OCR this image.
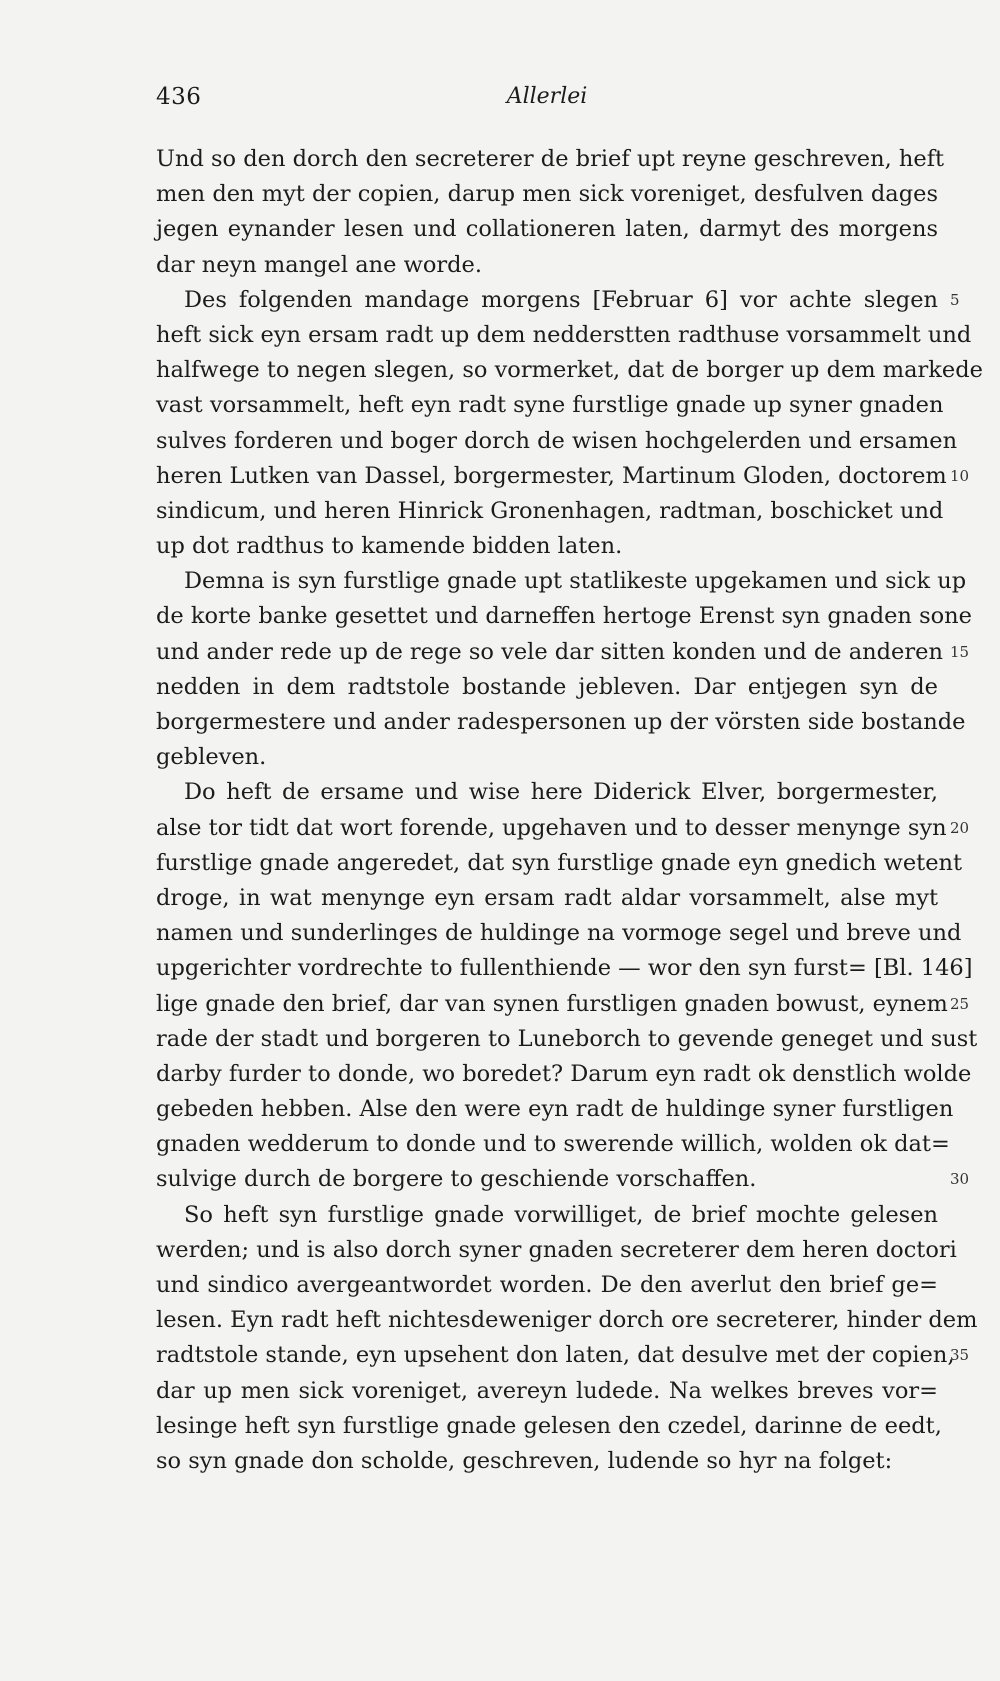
436	Allerlei
Und so den dorch den secreterer de brief upt reyne geschreven, heft
men den myt der copien, darup men sick voreniget, desfulven dages
jegen eynander lesen und collationeren laten, darmyt des morgens
dar neyn mangel ane worde.
Des folgenden mandage morgens [Februar 6] vor achte slegen 5
heft sick eyn ersam radt up dem nedderstten radthuse vorsammelt und
halfwege to negen slegen, so vormerket, dat de borger up dem markede
vast vorsammelt, heft eyn radt syne furstlige gnade up syner gnaden
sulves forderen und boger dorch de wisen hochgelerden und ersamen
heren Lutken van Dassel, borgermester, Martinum Gloden, doctorem 10
sindicum, und heren Hinrick Gronenhagen, radtman, boschicket und
up dot radthus to kamende bidden laten.
Demna is syn furstlige gnade upt statlikeste upgekamen und sick up
de korte banke gesettet und darneffen hertoge Erenst syn gnaden sone
und ander rede up de rege so vele dar sitten konden und de anderen 15
nedden in dem radtstole bostande jebleven. Dar entjegen syn de
borgermestere und ander radespersonen up der vörsten side bostande
gebleven.
Do heft de ersame und wise here Diderick Elver, borgermester,
alse tor tidt dat wort forende, upgehaven und to desser menynge syn 20
furstlige gnade angeredet, dat syn furstlige gnade eyn gnedich wetent
droge, in wat menynge eyn ersam radt aldar vorsammelt, alse myt
namen und sunderlinges de huldinge na vormoge segel und breve und
upgerichter vordrechte to fullenthiende — wor den syn furst= [Bl. 146]
lige gnade den brief, dar van synen furstligen gnaden bowust, eynem 25
rade der stadt und borgeren to Luneborch to gevende geneget und sust
darby furder to donde, wo boredet? Darum eyn radt ok denstlich wolde
gebeden hebben. Alse den were eyn radt de huldinge syner furstligen
gnaden wedderum to donde und to swerende willich, wolden ok dat=
sulvige durch de borgere to geschiende vorschaffen.	30
So heft syn furstlige gnade vorwilliget, de brief mochte gelesen
werden; und is also dorch syner gnaden secreterer dem heren doctori
und sindico avergeantwordet worden. De den averlut den brief ge=
lesen. Eyn radt heft nichtesdeweniger dorch ore secreterer, hinder dem
radtstole stande, eyn upsehent don laten, dat desulve met der copien,
35
dar up men sick voreniget, avereyn ludede. Na welkes breves vor=
lesinge heft syn furstlige gnade gelesen den czedel, darinne de eedt,
so syn gnade don scholde, geschreven, ludende so hyr na folget:
